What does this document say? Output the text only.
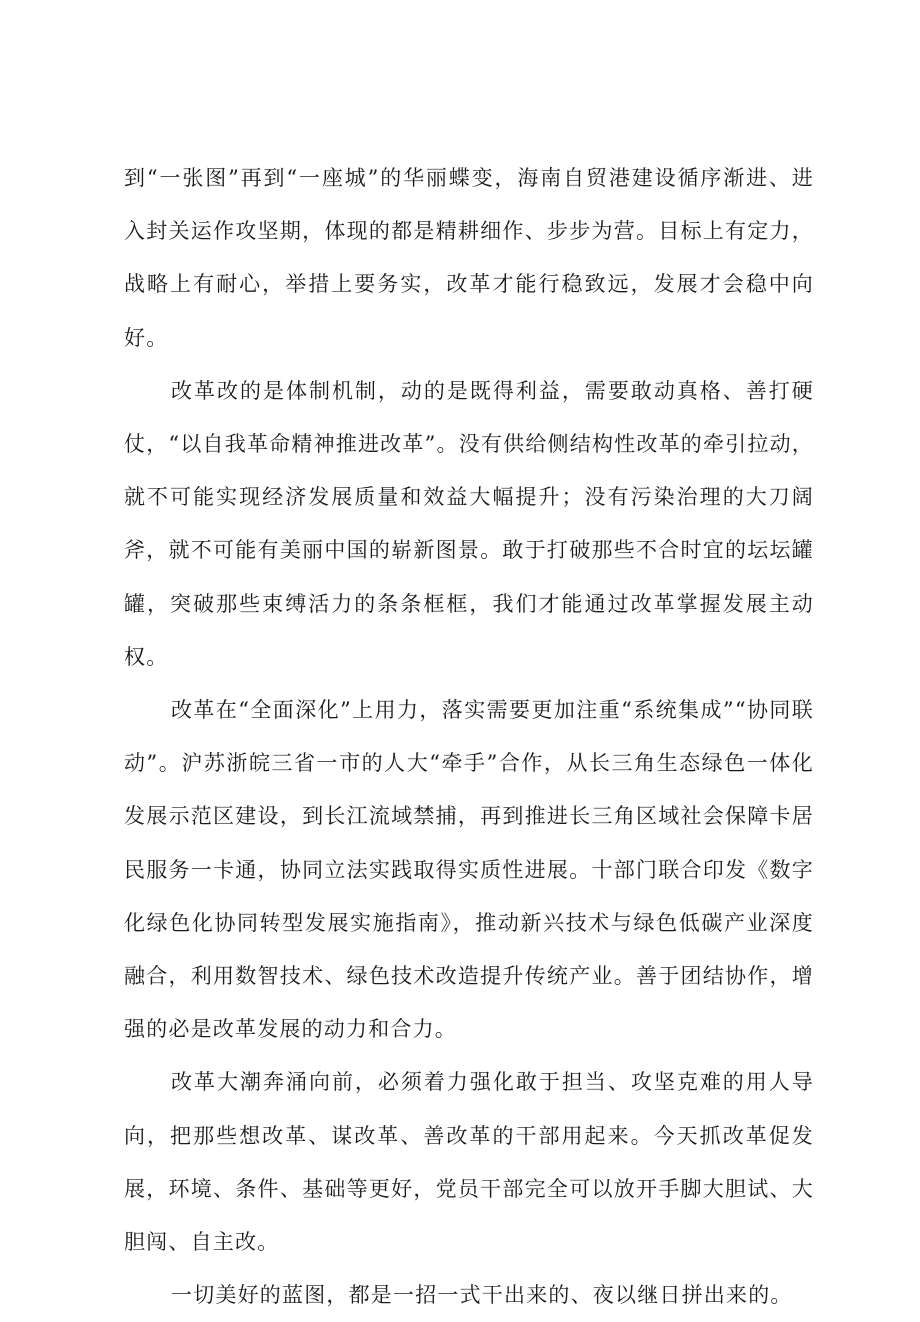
到“一张图”再到“一座城”的华丽蝶变，海南自贸港建设循序渐进、进入封关运作攻坚期，体现的都是精耕细作、步步为营。目标上有定力，战略上有耐心，举措上要务实，改革才能行稳致远，发展才会稳中向好。

改革改的是体制机制，动的是既得利益，需要敢动真格、善打硬仗，“以自我革命精神推进改革”。没有供给侧结构性改革的牵引拉动，就不可能实现经济发展质量和效益大幅提升；没有污染治理的大刀阔斧，就不可能有美丽中国的崭新图景。敢于打破那些不合时宜的坛坛罐罐，突破那些束缚活力的条条框框，我们才能通过改革掌握发展主动权。

改革在“全面深化”上用力，落实需要更加注重“系统集成”“协同联动”。沪苏浙皖三省一市的人大“牵手”合作，从长三角生态绿色一体化发展示范区建设，到长江流域禁捕，再到推进长三角区域社会保障卡居民服务一卡通，协同立法实践取得实质性进展。十部门联合印发《数字化绿色化协同转型发展实施指南》，推动新兴技术与绿色低碳产业深度融合，利用数智技术、绿色技术改造提升传统产业。善于团结协作，增强的必是改革发展的动力和合力。

改革大潮奔涌向前，必须着力强化敢于担当、攻坚克难的用人导向，把那些想改革、谋改革、善改革的干部用起来。今天抓改革促发展，环境、条件、基础等更好，党员干部完全可以放开手脚大胆试、大胆闯、自主改。

一切美好的蓝图，都是一招一式干出来的、夜以继日拼出来的。
